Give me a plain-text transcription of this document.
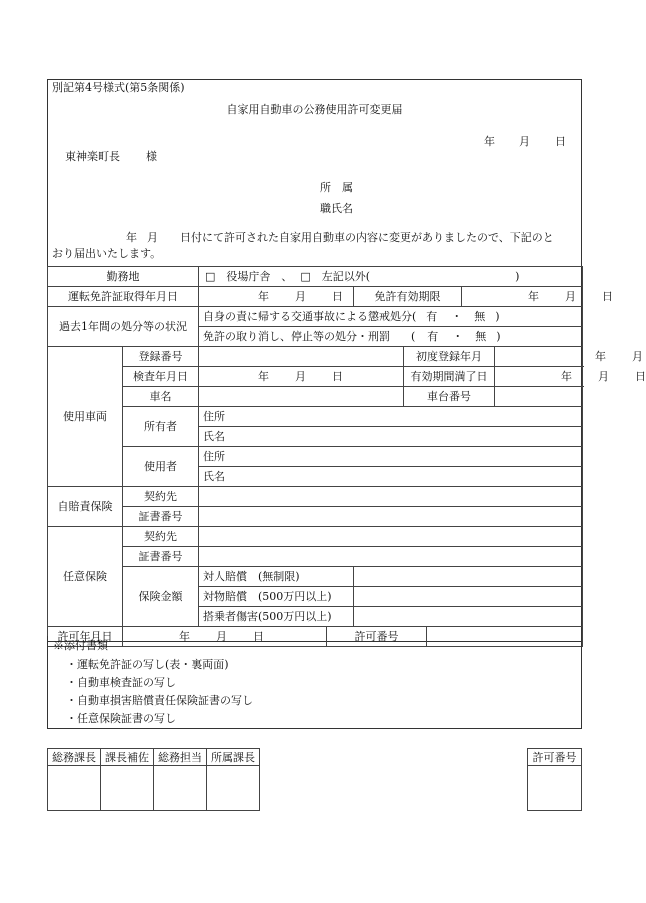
別記第4号様式(第5条関係)
自家用自動車の公務使用許可変更届
年 月 日
東神楽町長 様
所　属
職氏名
年 月 日付にて許可された自家用自動車の内容に変更がありましたので、下記のと
おり届出いたします。
勤務地		□　役場庁舎　、 □　左記以外( )						
運転免許証取得年月日		年 月 日		免許有効期限			年 月 日	
過去1年間の処分等の状況		自身の責に帰する交通事故による懲戒処分( 有 ・ 無 )						
		免許の取り消し、停止等の処分・刑罰 ( 有 ・ 無 )						
使用車両	登録番号				初度登録年月			年 月
	検査年月日	年 月 日			有効期間満了日			年 月 日
	車名				車台番号			
	所有者	住所						
		氏名						
	使用者	住所						
		氏名						
自賠責保険	契約先							
	証書番号							
任意保険	契約先							
	証書番号							
	保険金額	対人賠償　(無制限)						
		対物賠償　(500万円以上)						
		搭乗者傷害(500万円以上)						
許可年月日	年 月 日		許可番号					
※添付書類
・運転免許証の写し(表・裏両面)
・自動車検査証の写し
・自動車損害賠償責任保険証書の写し
・任意保険証書の写し
総務課長	課長補佐	総務担当	所属課長
				許可番号
